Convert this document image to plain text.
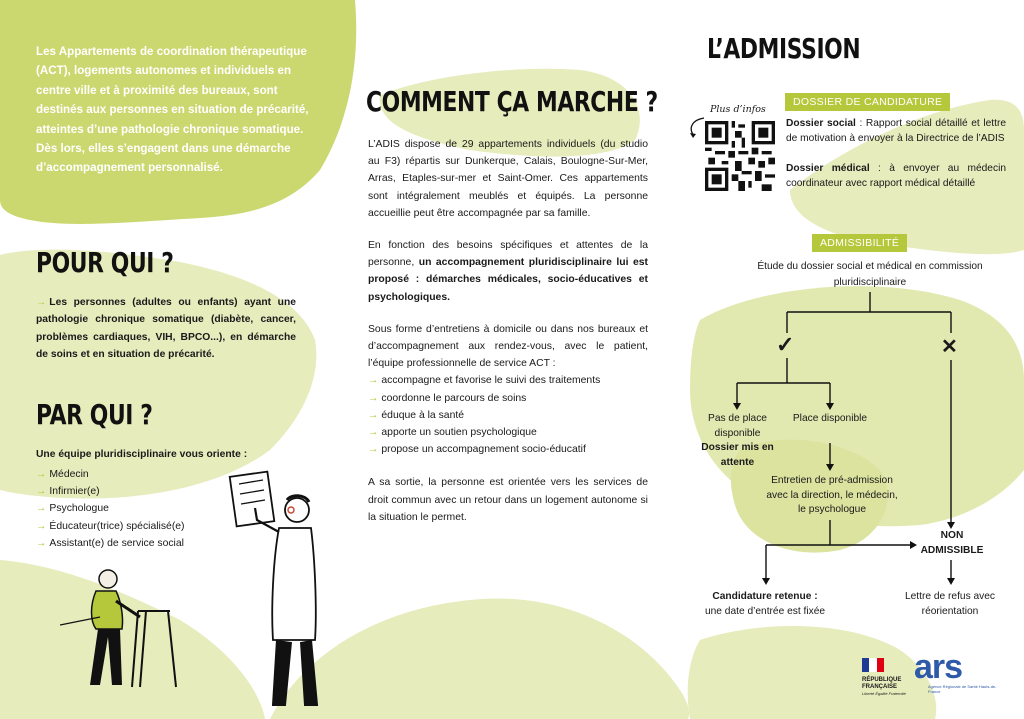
Les Appartements de coordination thérapeutique (ACT), logements autonomes et individuels en centre ville et à proximité des bureaux, sont destinés aux personnes en situation de précarité, atteintes d’une pathologie chronique somatique. Dès lors, elles s’engagent dans une démarche d’accompagnement personnalisé.
POUR QUI ?
→ Les personnes (adultes ou enfants) ayant une pathologie chronique somatique (diabète, cancer, problèmes cardiaques, VIH, BPCO...), en démarche de soins et en situation de précarité.
PAR QUI ?
Une équipe pluridisciplinaire vous oriente :
→ Médecin
→ Infirmier(e)
→ Psychologue
→ Éducateur(trice) spécialisé(e)
→ Assistant(e) de service social
COMMENT ÇA MARCHE ?

L’ADIS dispose de 29 appartements individuels (du studio au F3) répartis sur Dunkerque, Calais, Boulogne-Sur-Mer, Arras, Etaples-sur-mer et Saint-Omer. Ces appartements sont intégralement meublés et équipés. La personne accueillie peut être accompagnée par sa famille.

En fonction des besoins spécifiques et attentes de la personne, un accompagnement pluridisciplinaire lui est proposé : démarches médicales, socio-éducatives et psychologiques.

Sous forme d’entretiens à domicile ou dans nos bureaux et d’accompagnement aux rendez-vous, avec le patient, l’équipe professionnelle de service ACT :

→ accompagne et favorise le suivi des traitements
→ coordonne le parcours de soins
→ éduque à la santé
→ apporte un soutien psychologique
→ propose un accompagnement socio-éducatif

A sa sortie, la personne est orientée vers les services de droit commun avec un retour dans un logement autonome si la situation le permet.

L’ADMISSION
Plus d’infos
DOSSIER DE CANDIDATURE
Dossier social : Rapport social détaillé et lettre de motivation à envoyer à la Directrice de l’ADIS
Dossier médical : à envoyer au médecin coordinateur avec rapport médical détaillé
ADMISSIBILITÉ
Étude du dossier social et médical en commission pluridisciplinaire
✓	✕
Pas de place disponible
Dossier mis en attente
Place disponible
Entretien de pré-admission avec la direction, le médecin, le psychologue
NON ADMISSIBLE
Candidature retenue :
une date d’entrée est fixée
Lettre de refus avec réorientation
RÉPUBLIQUE FRANÇAISE
Liberté Égalité Fraternité
ars
Agence Régionale de Santé Hauts-de-France
